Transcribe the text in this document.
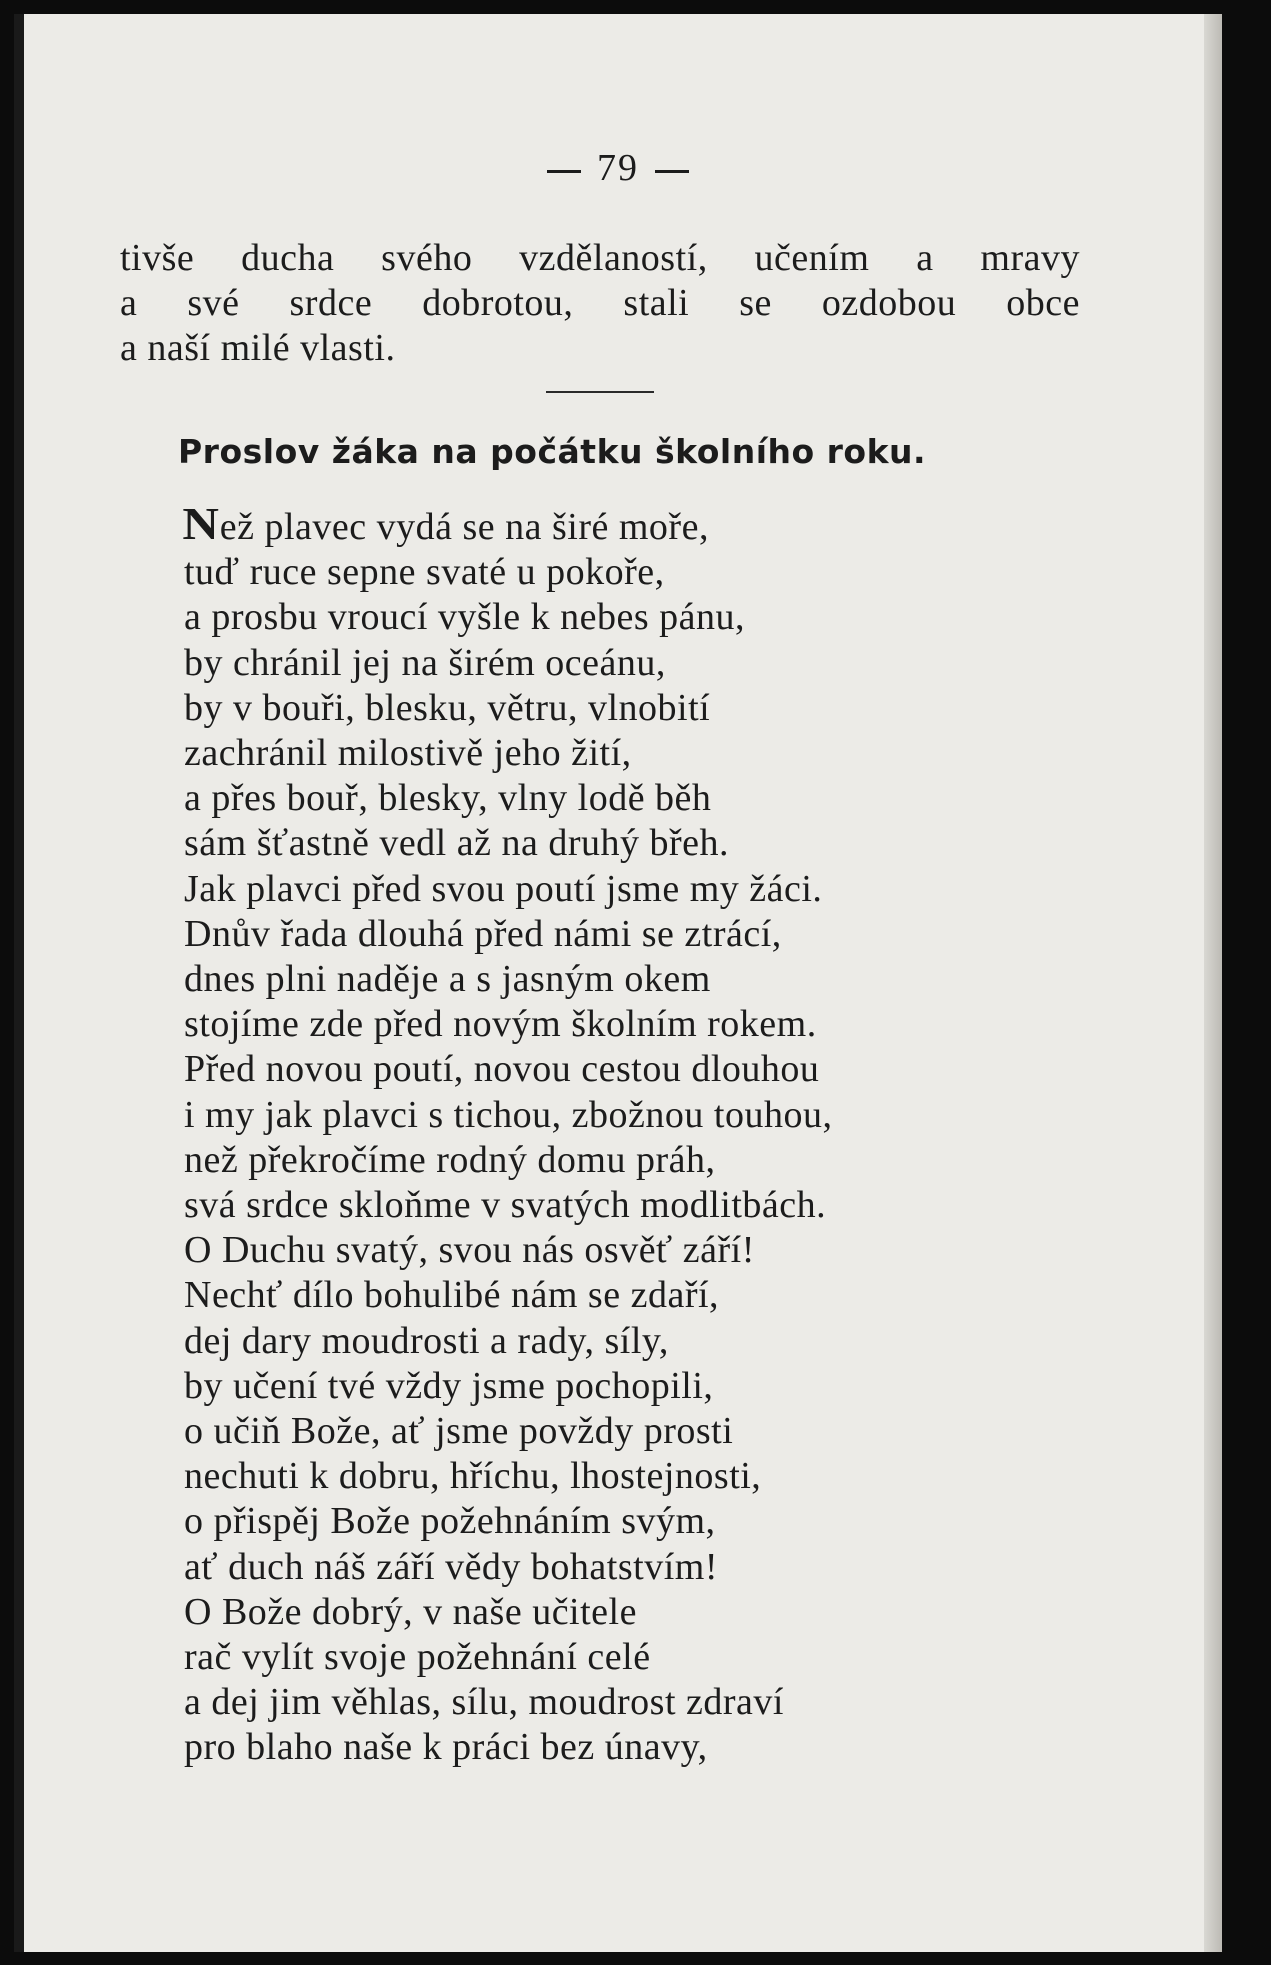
79
tivše ducha svého vzdělaností, učením a mravy
a své srdce dobrotou, stali se ozdobou obce
a naší milé vlasti.
Proslov žáka na počátku školního roku.
Než plavec vydá se na širé moře,
tuď ruce sepne svaté u pokoře,
a prosbu vroucí vyšle k nebes pánu,
by chránil jej na širém oceánu,
by v bouři, blesku, větru, vlnobití
zachránil milostivě jeho žití,
a přes bouř, blesky, vlny lodě běh
sám šťastně vedl až na druhý břeh.
Jak plavci před svou poutí jsme my žáci.
Dnův řada dlouhá před námi se ztrácí,
dnes plni naděje a s jasným okem
stojíme zde před novým školním rokem.
Před novou poutí, novou cestou dlouhou
i my jak plavci s tichou, zbožnou touhou,
než překročíme rodný domu práh,
svá srdce skloňme v svatých modlitbách.
O Duchu svatý, svou nás osvěť září!
Nechť dílo bohulibé nám se zdaří,
dej dary moudrosti a rady, síly,
by učení tvé vždy jsme pochopili,
o učiň Bože, ať jsme povždy prosti
nechuti k dobru, hříchu, lhostejnosti,
o přispěj Bože požehnáním svým,
ať duch náš září vědy bohatstvím!
O Bože dobrý, v naše učitele
rač vylít svoje požehnání celé
a dej jim věhlas, sílu, moudrost zdraví
pro blaho naše k práci bez únavy,
